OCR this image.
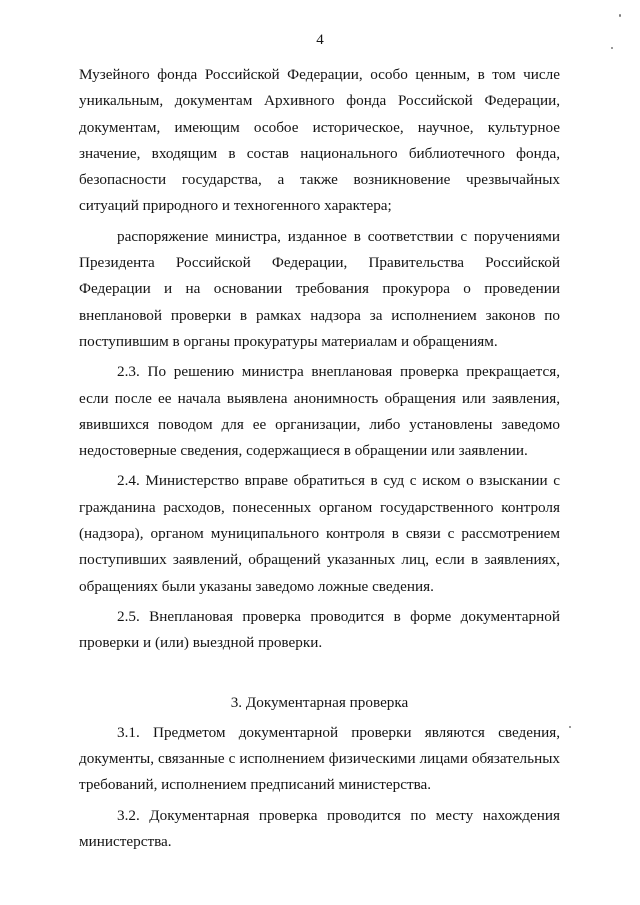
4

Музейного фонда Российской Федерации, особо ценным, в том числе уникальным, документам Архивного фонда Российской Федерации, документам, имеющим особое историческое, научное, культурное значение, входящим в состав национального библиотечного фонда, безопасности государства, а также возникновение чрезвычайных ситуаций природного и техногенного характера;

распоряжение министра, изданное в соответствии с поручениями Президента Российской Федерации, Правительства Российской Федерации и на основании требования прокурора о проведении внеплановой проверки в рамках надзора за исполнением законов по поступившим в органы прокуратуры материалам и обращениям.

2.3. По решению министра внеплановая проверка прекращается, если после ее начала выявлена анонимность обращения или заявления, явившихся поводом для ее организации, либо установлены заведомо недостоверные сведения, содержащиеся в обращении или заявлении.

2.4. Министерство вправе обратиться в суд с иском о взыскании с гражданина расходов, понесенных органом государственного контроля (надзора), органом муниципального контроля в связи с рассмотрением поступивших заявлений, обращений указанных лиц, если в заявлениях, обращениях были указаны заведомо ложные сведения.

2.5. Внеплановая проверка проводится в форме документарной проверки и (или) выездной проверки.

3. Документарная проверка

3.1. Предметом документарной проверки являются сведения, документы, связанные с исполнением физическими лицами обязательных требований, исполнением предписаний министерства.

3.2. Документарная проверка проводится по месту нахождения министерства.
